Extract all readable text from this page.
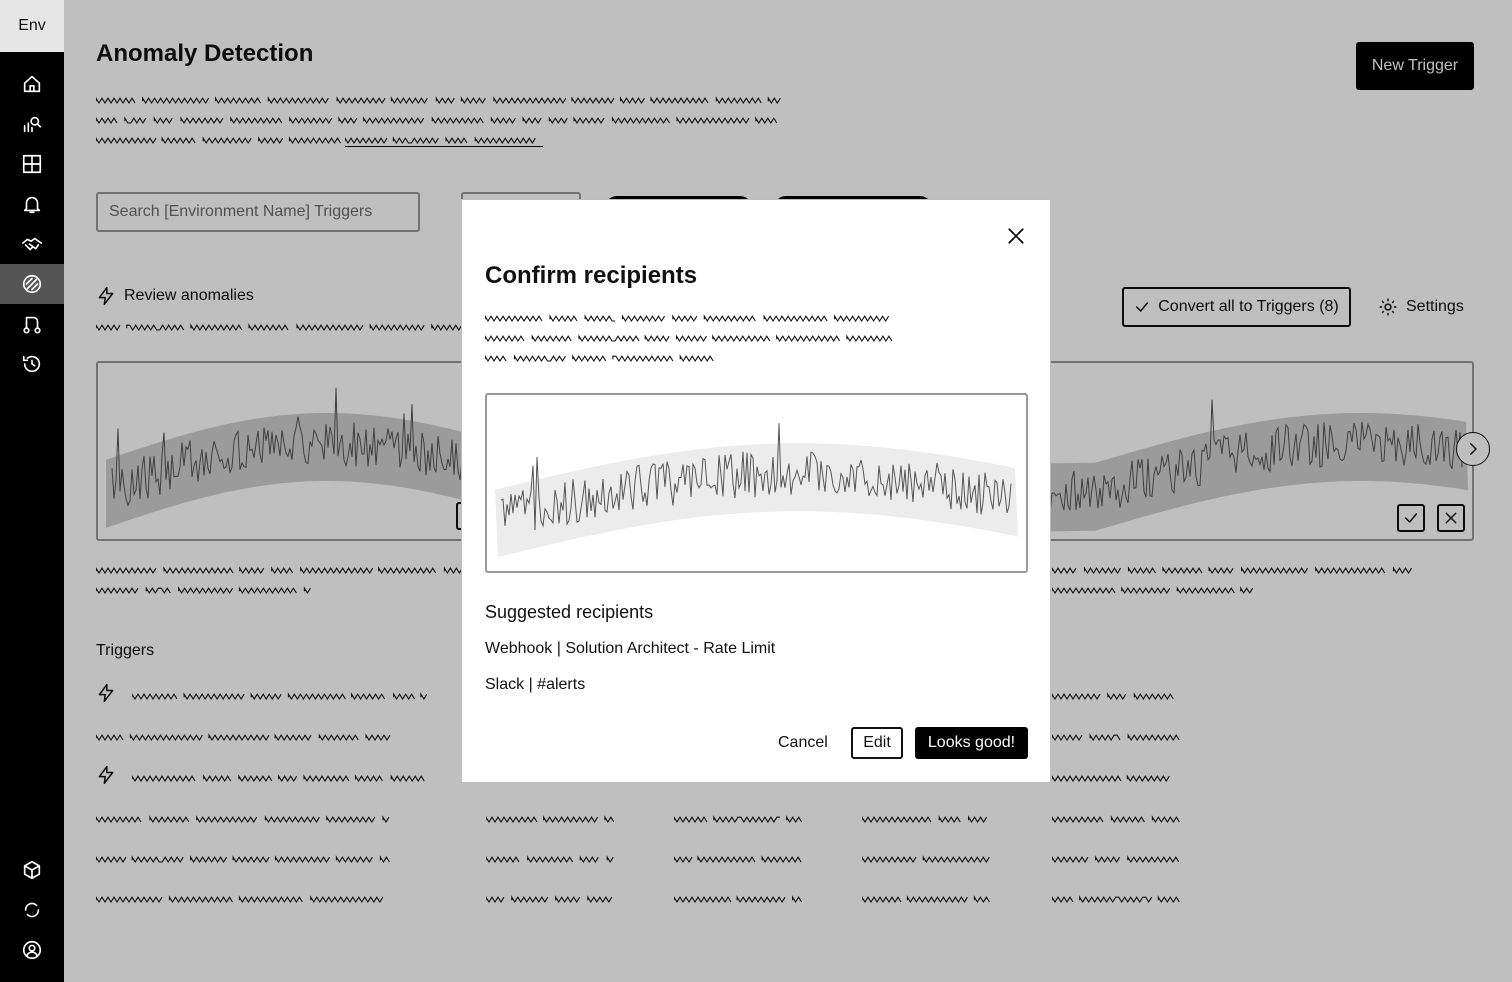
Env
Anomaly Detection	New Trigger
Search [Environment Name] Triggers
Review anomalies
Convert all to Triggers (8)	Settings
Triggers
Confirm recipients
Suggested recipients
Webhook | Solution Architect - Rate Limit
Slack | #alerts
Cancel	Edit	Looks good!
